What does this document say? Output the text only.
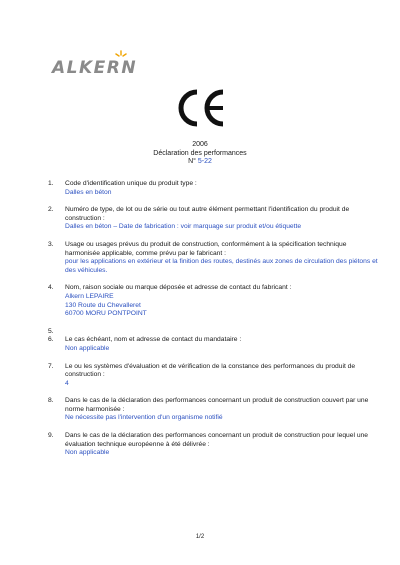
ALKERN
2006
Déclaration des performances
N° 5-22
1. Code d'identification unique du produit type :
Dalles en béton
2. Numéro de type, de lot ou de série ou tout autre élément permettant l'identification du produit de construction :
Dalles en béton – Date de fabrication : voir marquage sur produit et/ou étiquette
3. Usage ou usages prévus du produit de construction, conformément à la spécification technique harmonisée applicable, comme prévu par le fabricant :
pour les applications en extérieur et la finition des routes, destinés aux zones de circulation des piétons et des véhicules.
4. Nom, raison sociale ou marque déposée et adresse de contact du fabricant :
Alkern LEPAIRE
130 Route du Chevalleret
60700 MORU PONTPOINT
5.

6. Le cas échéant, nom et adresse de contact du mandataire :
Non applicable
7. Le ou les systèmes d'évaluation et de vérification de la constance des performances du produit de construction :
4
8. Dans le cas de la déclaration des performances concernant un produit de construction couvert par une norme harmonisée :
Ne nécessite pas l'intervention d'un organisme notifié
9. Dans le cas de la déclaration des performances concernant un produit de construction pour lequel une évaluation technique européenne à été délivrée :
Non applicable
1/2
